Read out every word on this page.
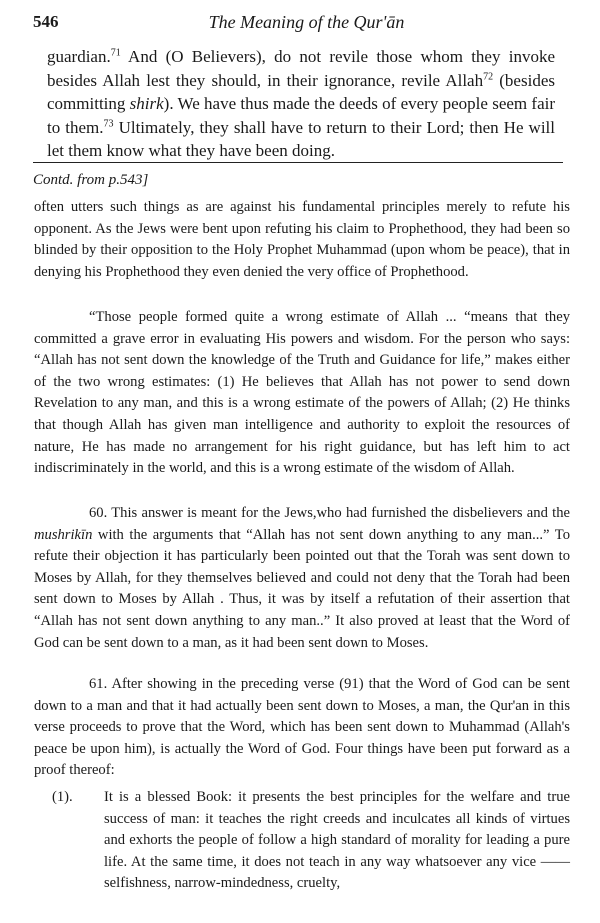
546	The Meaning of the Qur'ān
guardian.$^{71}$ And (O Believers), do not revile those whom they invoke besides Allah lest they should, in their ignorance, revile Allah$^{72}$ (besides committing shirk). We have thus made the deeds of every people seem fair to them.$^{73}$ Ultimately, they shall have to return to their Lord; then He will let them know what they have been doing.
Contd. from p.543]
often utters such things as are against his fundamental principles merely to refute his opponent. As the Jews were bent upon refuting his claim to Prophethood, they had been so blinded by their opposition to the Holy Prophet Muhammad (upon whom be peace), that in denying his Prophethood they even denied the very office of Prophethood.
“Those people formed quite a wrong estimate of Allah ... “means that they committed a grave error in evaluating His powers and wisdom. For the person who says: “Allah has not sent down the knowledge of the Truth and Guidance for life,” makes either of the two wrong estimates: (1) He believes that Allah has not power to send down Revelation to any man, and this is a wrong estimate of the powers of Allah; (2) He thinks that though Allah has given man intelligence and authority to exploit the resources of nature, He has made no arrangement for his right guidance, but has left him to act indiscriminately in the world, and this is a wrong estimate of the wisdom of Allah.
60. This answer is meant for the Jews,who had furnished the disbelievers and the mushrikīn with the arguments that “Allah has not sent down anything to any man...” To refute their objection it has particularly been pointed out that the Torah was sent down to Moses by Allah, for they themselves believed and could not deny that the Torah had been sent down to Moses by Allah . Thus, it was by itself a refutation of their assertion that “Allah has not sent down anything to any man..” It also proved at least that the Word of God can be sent down to a man, as it had been sent down to Moses.
61. After showing in the preceding verse (91) that the Word of God can be sent down to a man and that it had actually been sent down to Moses, a man, the Qur'an in this verse proceeds to prove that the Word, which has been sent down to Muhammad (Allah's peace be upon him), is actually the Word of God. Four things have been put forward as a proof thereof:
(1). It is a blessed Book: it presents the best principles for the welfare and true success of man: it teaches the right creeds and inculcates all kinds of virtues and exhorts the people of follow a high standard of morality for leading a pure life. At the same time, it does not teach in any way whatsoever any vice —— selfishness, narrow-mindedness, cruelty,
